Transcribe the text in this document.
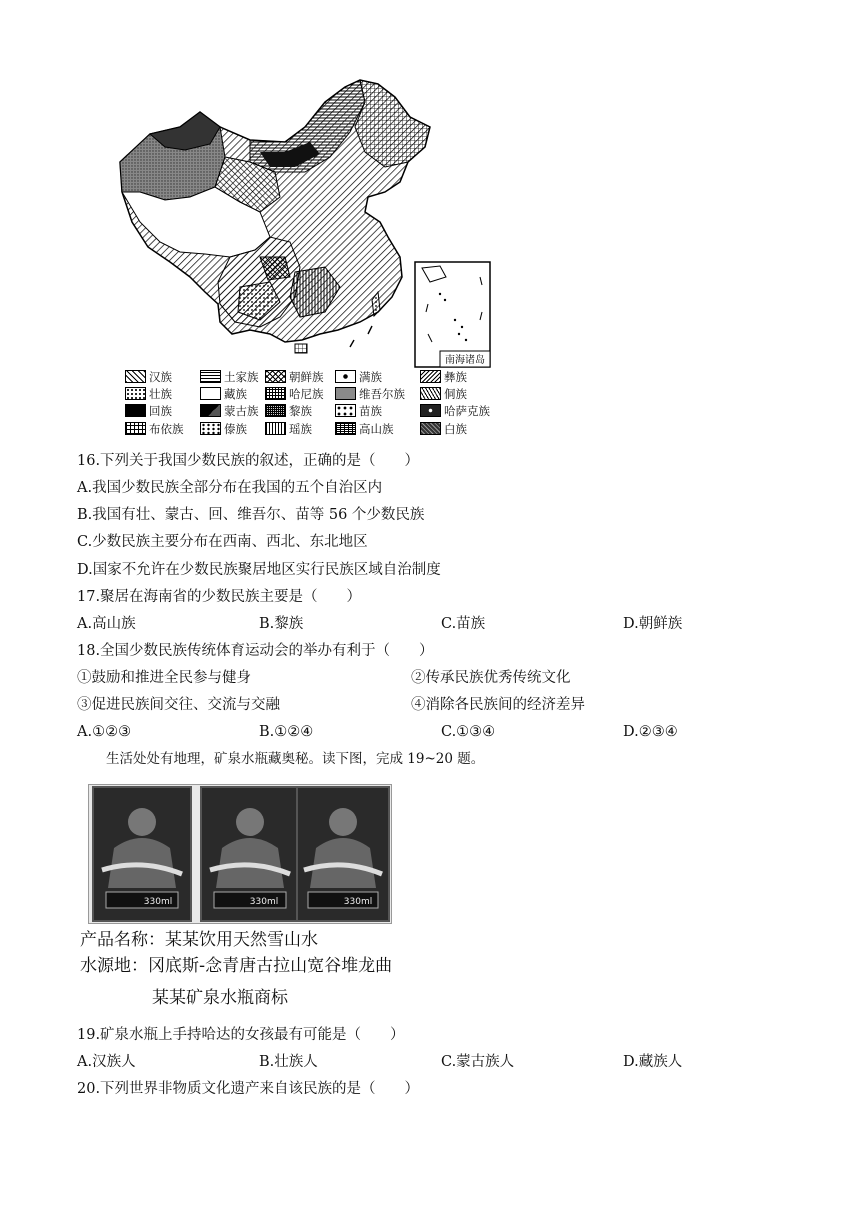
南海诸岛
汉族	土家族	朝鲜族	满族	彝族
壮族	藏族	哈尼族	维吾尔族	侗族
回族	蒙古族	黎族	苗族	哈萨克族
布依族	傣族	瑶族	高山族	白族
16.下列关于我国少数民族的叙述，正确的是（　　）
A.我国少数民族全部分布在我国的五个自治区内
B.我国有壮、蒙古、回、维吾尔、苗等 56 个少数民族
C.少数民族主要分布在西南、西北、东北地区
D.国家不允许在少数民族聚居地区实行民族区域自治制度
17.聚居在海南省的少数民族主要是（　　）
A.高山族	B.黎族	C.苗族	D.朝鲜族
18.全国少数民族传统体育运动会的举办有利于（　　）
①鼓励和推进全民参与健身	②传承民族优秀传统文化
③促进民族间交往、交流与交融	④消除各民族间的经济差异
A.①②③	B.①②④	C.①③④	D.②③④
生活处处有地理，矿泉水瓶藏奥秘。读下图，完成 19~20 题。
330ml	330ml	330ml
产品名称：某某饮用天然雪山水
水源地：冈底斯-念青唐古拉山宽谷堆龙曲
某某矿泉水瓶商标
19.矿泉水瓶上手持哈达的女孩最有可能是（　　）
A.汉族人	B.壮族人	C.蒙古族人	D.藏族人
20.下列世界非物质文化遗产来自该民族的是（　　）
